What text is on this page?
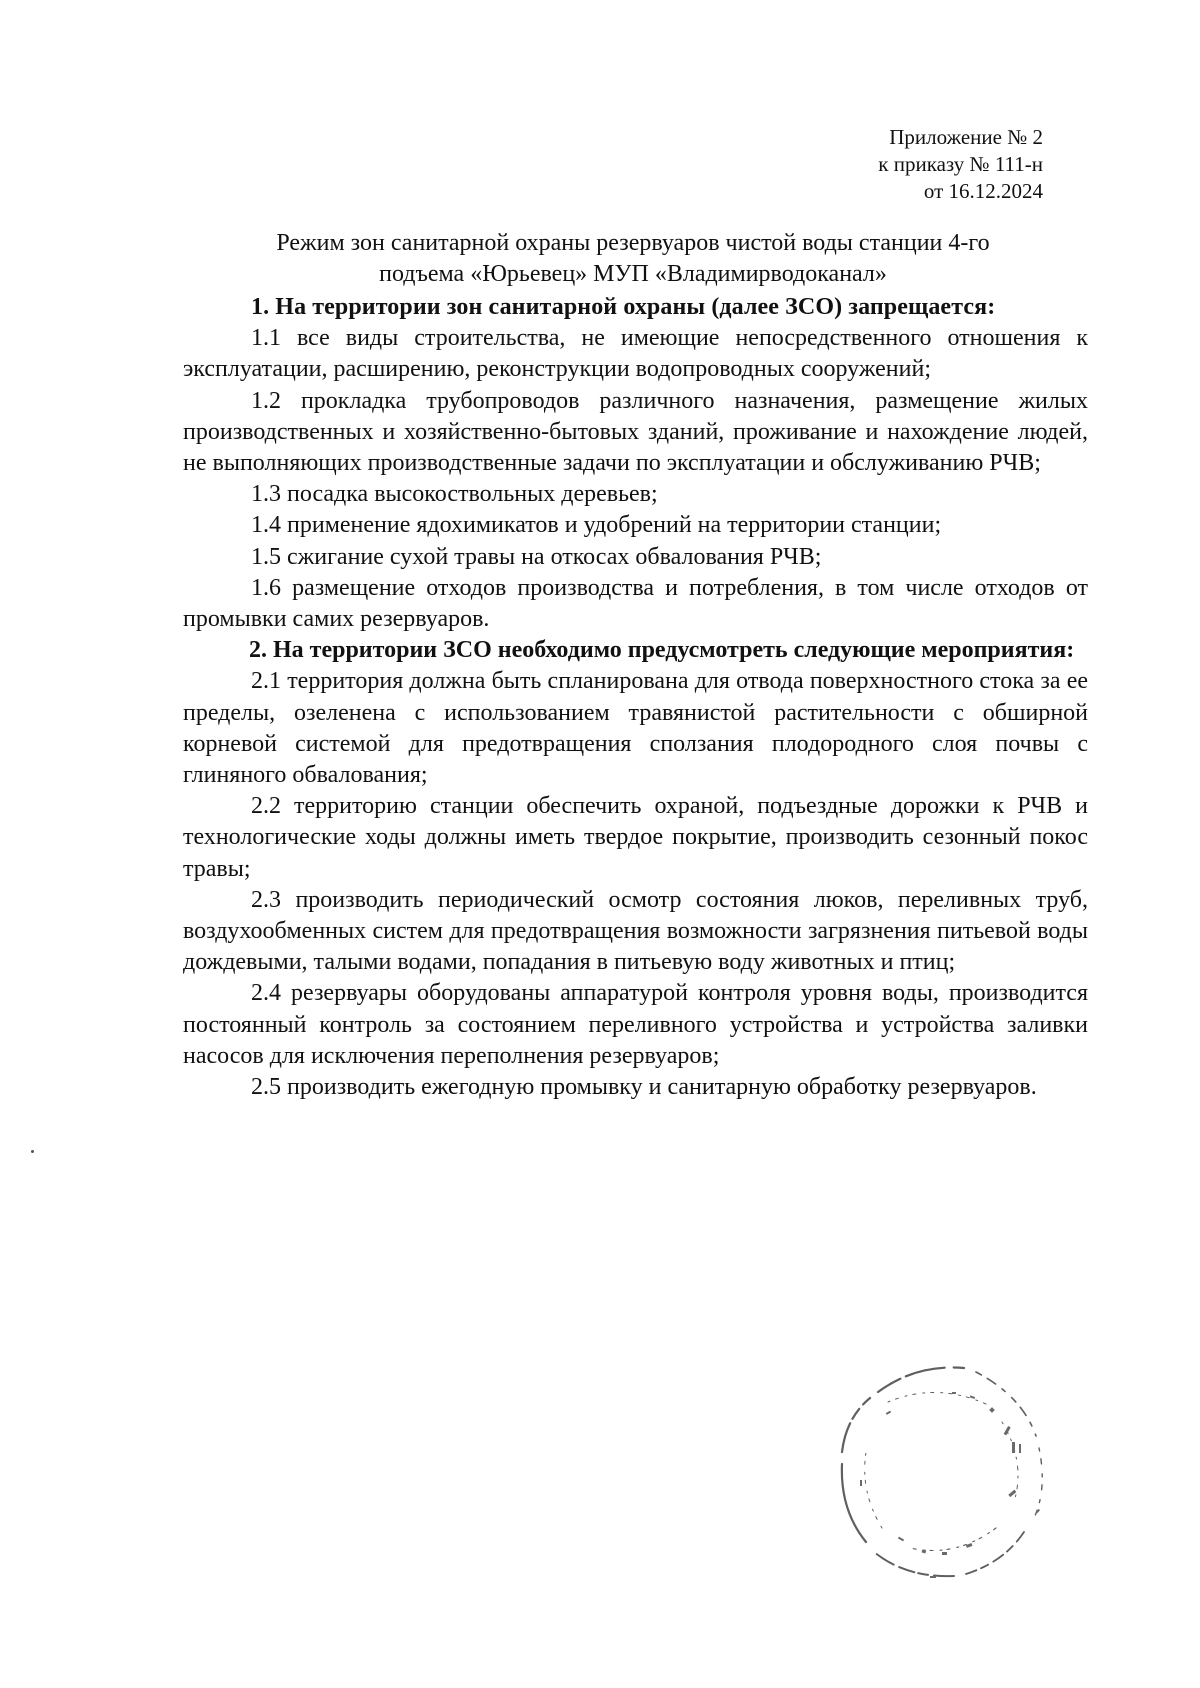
Приложение № 2
к приказу № 111-н
от 16.12.2024
Режим зон санитарной охраны резервуаров чистой воды станции 4-го
подъема «Юрьевец» МУП «Владимирводоканал»

1. На территории зон санитарной охраны (далее ЗСО) запрещается:

1.1 все виды строительства, не имеющие непосредственного отношения к эксплуатации, расширению, реконструкции водопроводных сооружений;

1.2 прокладка трубопроводов различного назначения, размещение жилых производственных и хозяйственно-бытовых зданий, проживание и нахождение людей, не выполняющих производственные задачи по эксплуатации и обслуживанию РЧВ;

1.3 посадка высокоствольных деревьев;

1.4 применение ядохимикатов и удобрений на территории станции;

1.5 сжигание сухой травы на откосах обвалования РЧВ;

1.6 размещение отходов производства и потребления, в том числе отходов от промывки самих резервуаров.

2. На территории ЗСО необходимо предусмотреть следующие мероприятия:

2.1 территория должна быть спланирована для отвода поверхностного стока за ее пределы, озеленена с использованием травянистой растительности с обширной корневой системой для предотвращения сползания плодородного слоя почвы с глиняного обвалования;

2.2 территорию станции обеспечить охраной, подъездные дорожки к РЧВ и технологические ходы должны иметь твердое покрытие, производить сезонный покос травы;

2.3 производить периодический осмотр состояния люков, переливных труб, воздухообменных систем для предотвращения возможности загрязнения питьевой воды дождевыми, талыми водами, попадания в питьевую воду животных и птиц;

2.4 резервуары оборудованы аппаратурой контроля уровня воды, производится постоянный контроль за состоянием переливного устройства и устройства заливки насосов для исключения переполнения резервуаров;

2.5 производить ежегодную промывку и санитарную обработку резервуаров.
